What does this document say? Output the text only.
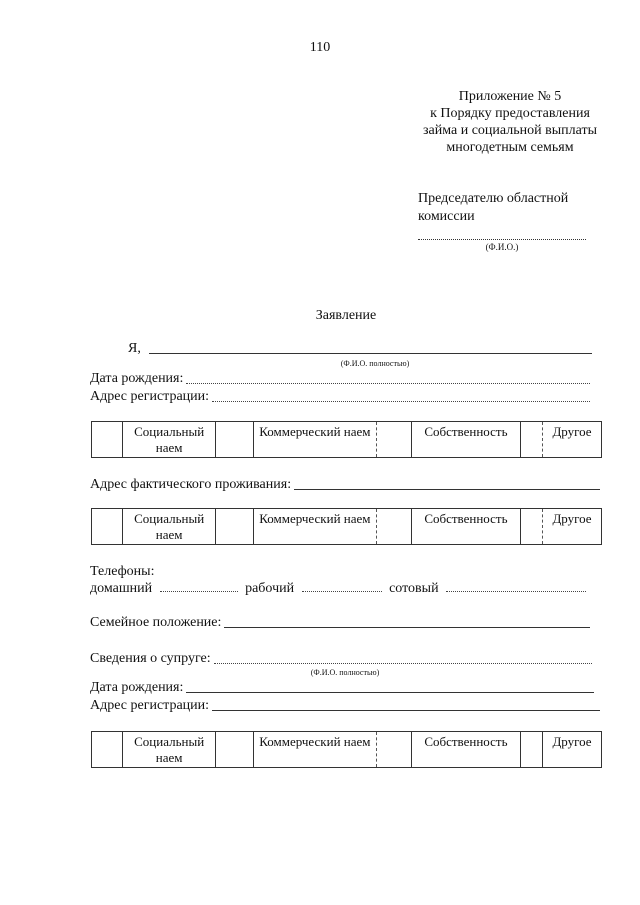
110
Приложение № 5
к Порядку предоставления
займа и социальной выплаты
многодетным семьям
Председателю областной
комиссии
(Ф.И.О.)
Заявление
Я,
(Ф.И.О. полностью)
Дата рождения:
Адрес регистрации:
	Социальный наем		Коммерческий наем		Собственность		Другое
Адрес фактического проживания:
	Социальный наем		Коммерческий наем		Собственность		Другое
Телефоны:
домашний	рабочий	сотовый
Семейное положение:
Сведения о супруге:
(Ф.И.О. полностью)
Дата рождения:
Адрес регистрации:
	Социальный наем		Коммерческий наем		Собственность		Другое
